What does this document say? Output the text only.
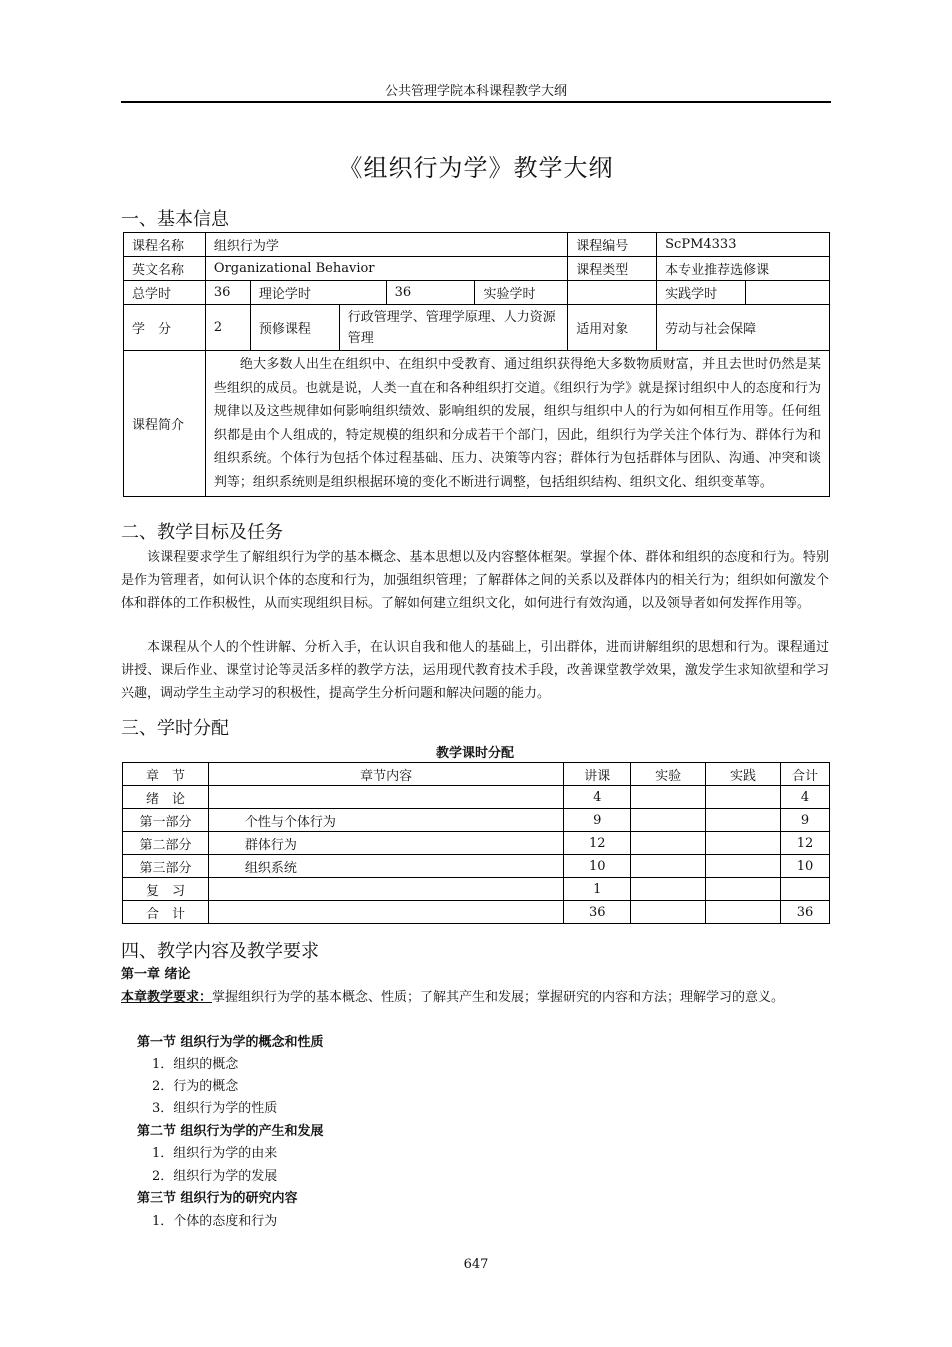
公共管理学院本科课程教学大纲
《组织行为学》教学大纲
一、基本信息
课程名称	组织行为学					课程编号	ScPM4333	
英文名称	Organizational Behavior					课程类型	本专业推荐选修课	
总学时	36	理论学时		36	实验学时		实践学时	
学　分	2	预修课程	行政管理学、管理学原理、人力资源管理			适用对象	劳动与社会保障	
课程简介	绝大多数人出生在组织中、在组织中受教育、通过组织获得绝大多数物质财富，并且去世时仍然是某些组织的成员。也就是说，人类一直在和各种组织打交道。《组织行为学》就是探讨组织中人的态度和行为规律以及这些规律如何影响组织绩效、影响组织的发展，组织与组织中人的行为如何相互作用等。任何组织都是由个人组成的，特定规模的组织和分成若干个部门，因此，组织行为学关注个体行为、群体行为和组织系统。个体行为包括个体过程基础、压力、决策等内容；群体行为包括群体与团队、沟通、冲突和谈判等；组织系统则是组织根据环境的变化不断进行调整，包括组织结构、组织文化、组织变革等。							
二、教学目标及任务
该课程要求学生了解组织行为学的基本概念、基本思想以及内容整体框架。掌握个体、群体和组织的态度和行为。特别是作为管理者，如何认识个体的态度和行为，加强组织管理；了解群体之间的关系以及群体内的相关行为；组织如何激发个体和群体的工作积极性，从而实现组织目标。了解如何建立组织文化，如何进行有效沟通，以及领导者如何发挥作用等。
本课程从个人的个性讲解、分析入手，在认识自我和他人的基础上，引出群体，进而讲解组织的思想和行为。课程通过讲授、课后作业、课堂讨论等灵活多样的教学方法，运用现代教育技术手段，改善课堂教学效果，激发学生求知欲望和学习兴趣，调动学生主动学习的积极性，提高学生分析问题和解决问题的能力。
三、学时分配
教学课时分配
章　节	章节内容	讲课	实验	实践	合计
绪　论		4			4
第一部分	个性与个体行为	9			9
第二部分	群体行为	12			12
第三部分	组织系统	10			10
复　习		1			
合　计		36			36
四、教学内容及教学要求
第一章 绪论
本章教学要求：掌握组织行为学的基本概念、性质；了解其产生和发展；掌握研究的内容和方法；理解学习的意义。
第一节 组织行为学的概念和性质
1．组织的概念
2．行为的概念
3．组织行为学的性质
第二节 组织行为学的产生和发展
1．组织行为学的由来
2．组织行为学的发展
第三节 组织行为的研究内容
1．个体的态度和行为
647
